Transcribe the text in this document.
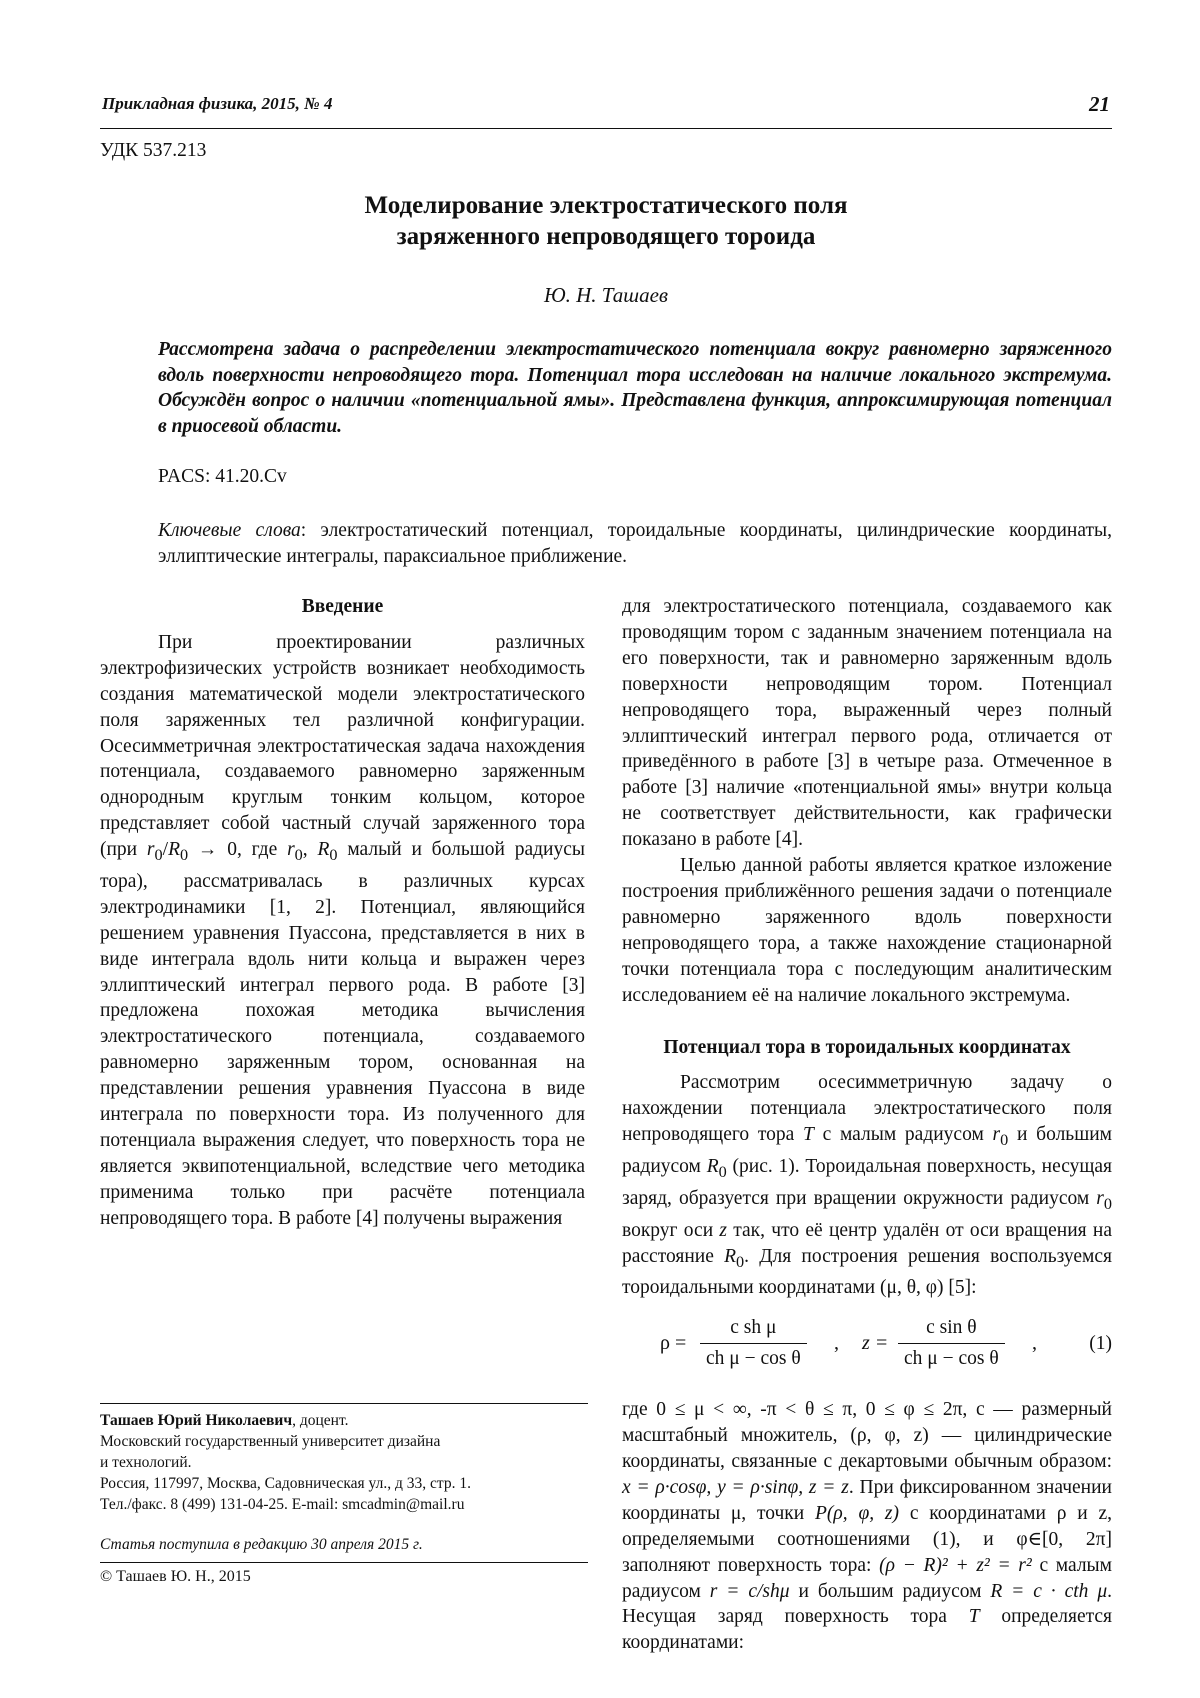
Прикладная физика, 2015, № 4	21
УДК 537.213
Моделирование электростатического поля
заряженного непроводящего тороида
Ю. Н. Ташаев
Рассмотрена задача о распределении электростатического потенциала вокруг равномерно заряженного вдоль поверхности непроводящего тора. Потенциал тора исследован на наличие локального экстремума. Обсуждён вопрос о наличии «потенциальной ямы». Представлена функция, аппроксимирующая потенциал в приосевой области.
PACS: 41.20.Cv
Ключевые слова: электростатический потенциал, тороидальные координаты, цилиндрические координаты, эллиптические интегралы, параксиальное приближение.
Введение

При проектировании различных электрофизических устройств возникает необходимость создания математической модели электростатического поля заряженных тел различной конфигурации. Осесимметричная электростатическая задача нахождения потенциала, создаваемого равномерно заряженным однородным круглым тонким кольцом, которое представляет собой частный случай заряженного тора (при $r_0/R_0 \to 0$, где $r_0$, $R_0$ малый и большой радиусы тора), рассматривалась в различных курсах электродинамики [1, 2]. Потенциал, являющийся решением уравнения Пуассона, представляется в них в виде интеграла вдоль нити кольца и выражен через эллиптический интеграл первого рода. В работе [3] предложена похожая методика вычисления электростатического потенциала, создаваемого равномерно заряженным тором, основанная на представлении решения уравнения Пуассона в виде интеграла по поверхности тора. Из полученного для потенциала выражения следует, что поверхность тора не является эквипотенциальной, вследствие чего методика применима только при расчёте потенциала непроводящего тора. В работе [4] получены выражения

Ташаев Юрий Николаевич, доцент.

Московский государственный университет дизайна

и технологий.

Россия, 117997, Москва, Садовническая ул., д 33, стр. 1.

Тел./факс. 8 (499) 131-04-25. E-mail: smcadmin@mail.ru

Статья поступила в редакцию 30 апреля 2015 г.
© Ташаев Ю. Н., 2015

для электростатического потенциала, создаваемого как проводящим тором с заданным значением потенциала на его поверхности, так и равномерно заряженным вдоль поверхности непроводящим тором. Потенциал непроводящего тора, выраженный через полный эллиптический интеграл первого рода, отличается от приведённого в работе [3] в четыре раза. Отмеченное в работе [3] наличие «потенциальной ямы» внутри кольца не соответствует действительности, как графически показано в работе [4].

Целью данной работы является краткое изложение построения приближённого решения задачи о потенциале равномерно заряженного вдоль поверхности непроводящего тора, а также нахождение стационарной точки потенциала тора с последующим аналитическим исследованием её на наличие локального экстремума.

Потенциал тора в тороидальных координатах

Рассмотрим осесимметричную задачу о нахождении потенциала электростатического поля непроводящего тора T с малым радиусом $r_0$ и большим радиусом $R_0$ (рис. 1). Тороидальная поверхность, несущая заряд, образуется при вращении окружности радиусом $r_0$ вокруг оси z так, что её центр удалён от оси вращения на расстояние $R_0$. Для построения решения воспользуемся тороидальными координатами (μ, θ, φ) [5]:

$\rho = \frac{\text{c sh μ}}{\text{ch μ − cos θ}}$ , $z = \frac{\text{c sin θ}}{\text{ch μ − cos θ}}$ ,	(1)

где 0 ≤ μ < ∞, -π < θ ≤ π, 0 ≤ φ ≤ 2π, c — размерный масштабный множитель, (ρ, φ, z) — цилиндрические координаты, связанные с декартовыми обычным образом: x = ρ·cosφ, y = ρ·sinφ, z = z. При фиксированном значении координаты μ, точки P(ρ, φ, z) с координатами ρ и z, определяемыми соотношениями (1), и φ∈[0, 2π] заполняют поверхность тора: (ρ − R)² + z² = r² с малым радиусом r = c/shμ и большим радиусом R = c · cth μ. Несущая заряд поверхность тора T определяется координатами:
